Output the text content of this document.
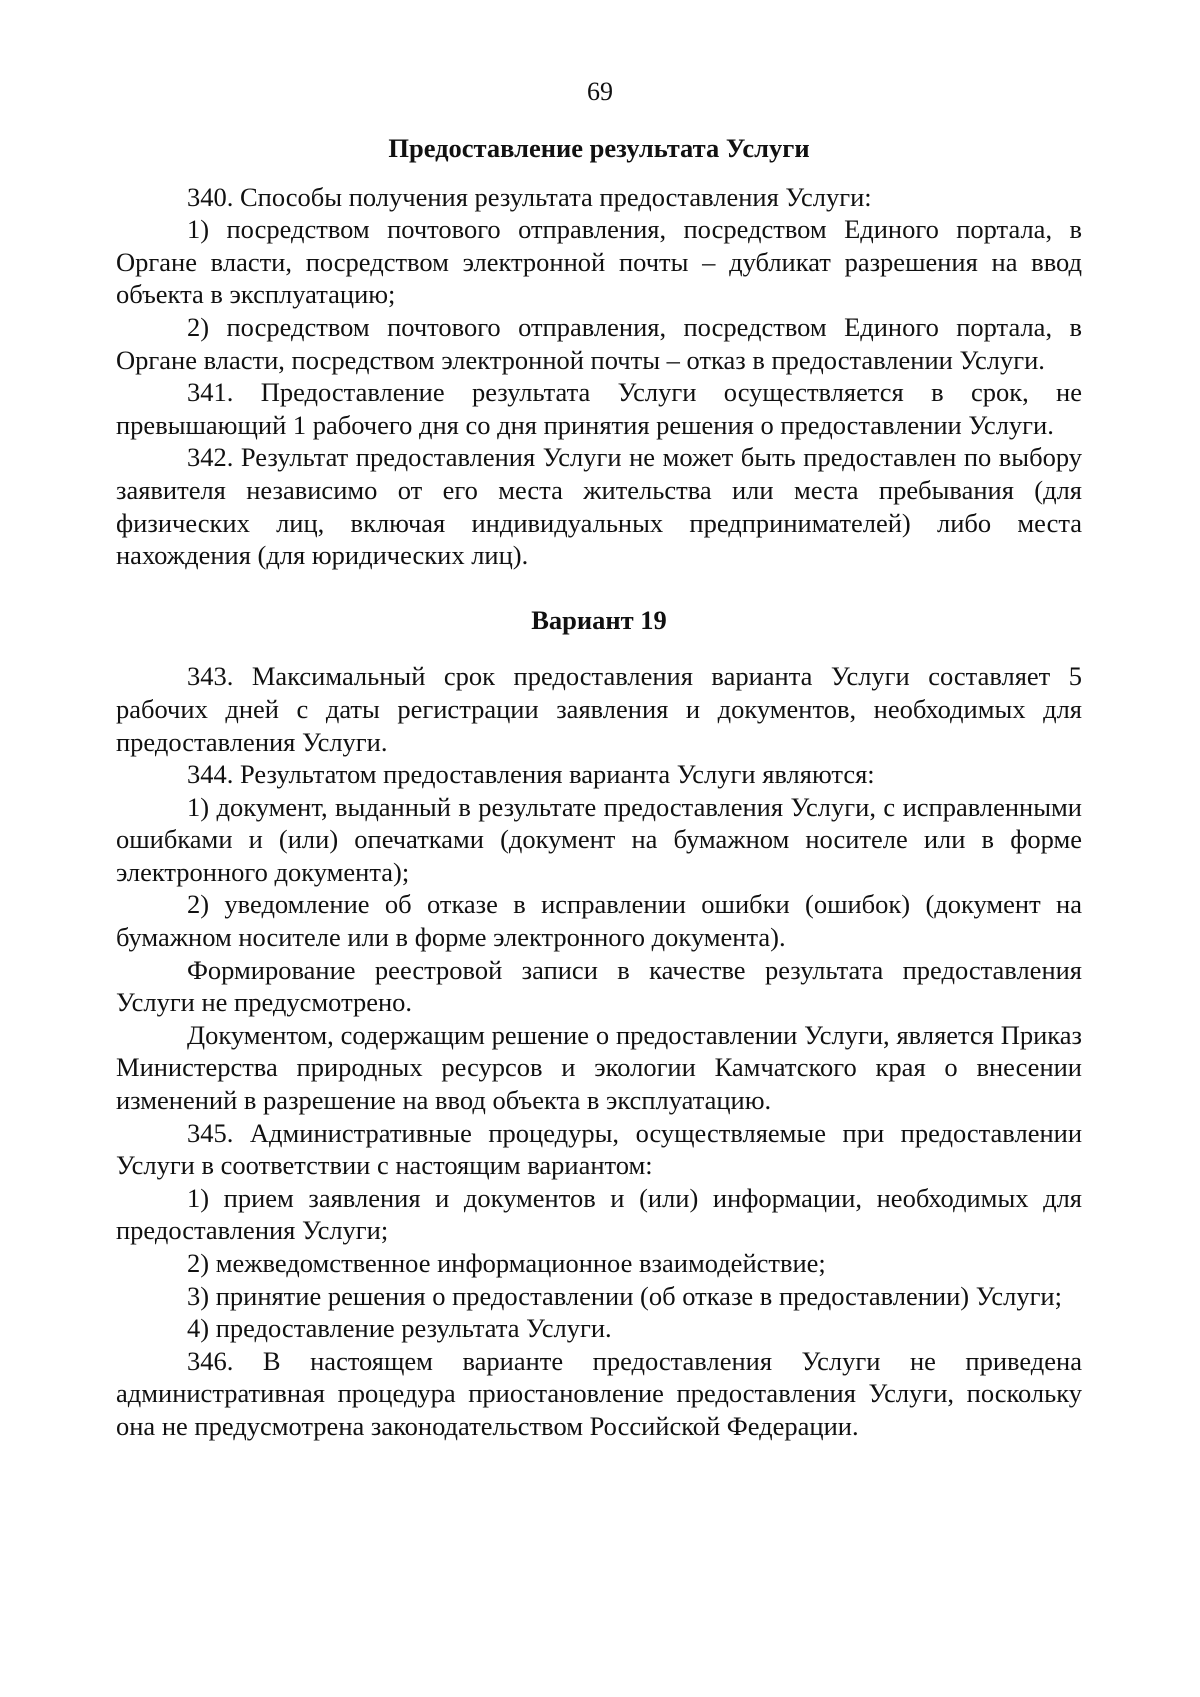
69
Предоставление результата Услуги

340. Способы получения результата предоставления Услуги:

1) посредством почтового отправления, посредством Единого портала, в Органе власти, посредством электронной почты – дубликат разрешения на ввод объекта в эксплуатацию;

2) посредством почтового отправления, посредством Единого портала, в Органе власти, посредством электронной почты – отказ в предоставлении Услуги.

341. Предоставление результата Услуги осуществляется в срок, не превышающий 1 рабочего дня со дня принятия решения о предоставлении Услуги.

342. Результат предоставления Услуги не может быть предоставлен по выбору заявителя независимо от его места жительства или места пребывания (для физических лиц, включая индивидуальных предпринимателей) либо места нахождения (для юридических лиц).

Вариант 19

343. Максимальный срок предоставления варианта Услуги составляет 5 рабочих дней с даты регистрации заявления и документов, необходимых для предоставления Услуги.

344. Результатом предоставления варианта Услуги являются:

1) документ, выданный в результате предоставления Услуги, с исправленными ошибками и (или) опечатками (документ на бумажном носителе или в форме электронного документа);

2) уведомление об отказе в исправлении ошибки (ошибок) (документ на бумажном носителе или в форме электронного документа).

Формирование реестровой записи в качестве результата предоставления Услуги не предусмотрено.

Документом, содержащим решение о предоставлении Услуги, является Приказ Министерства природных ресурсов и экологии Камчатского края о внесении изменений в разрешение на ввод объекта в эксплуатацию.

345. Административные процедуры, осуществляемые при предоставлении Услуги в соответствии с настоящим вариантом:

1) прием заявления и документов и (или) информации, необходимых для предоставления Услуги;

2) межведомственное информационное взаимодействие;

3) принятие решения о предоставлении (об отказе в предоставлении) Услуги;

4) предоставление результата Услуги.

346. В настоящем варианте предоставления Услуги не приведена административная процедура приостановление предоставления Услуги, поскольку она не предусмотрена законодательством Российской Федерации.
